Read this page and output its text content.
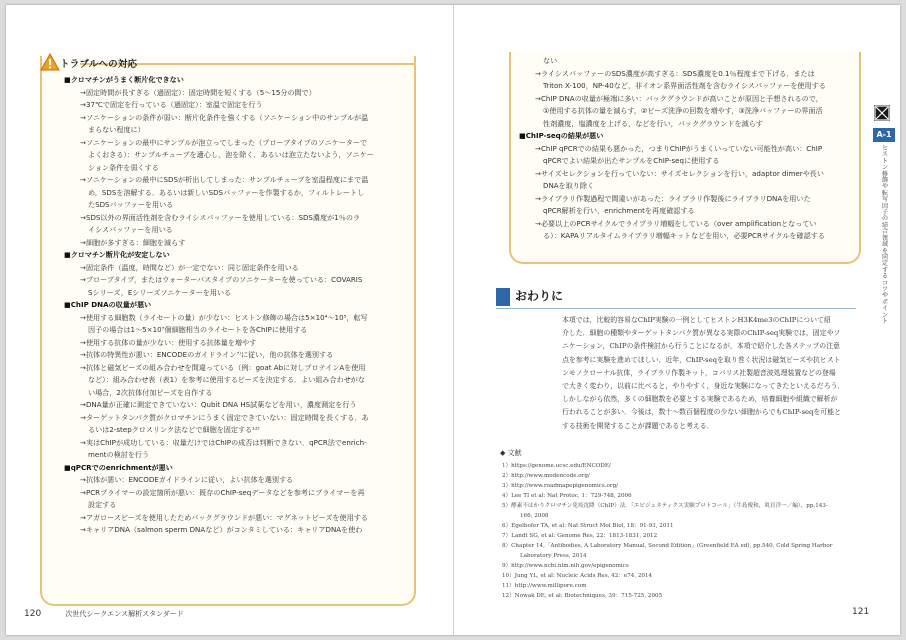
トラブルへの対応
■クロマチンがうまく断片化できない
→固定時間が長すぎる（過固定）：固定時間を短くする（5〜15分の間で）
→37℃で固定を行っている（過固定）：室温で固定を行う
→ソニケーションの条件が弱い：断片化条件を強くする（ソニケーション中のサンプルが温
まらない程度に）
→ソニケーションの最中にサンプルが泡立ってしまった（プローブタイプのソニケーターで
よくおきる）：サンプルチューブを適心し，泡を除く．あるいは泡立たないよう，ソニケー
ション条件を弱くする
→ソニケーションの最中にSDSが析出してしまった：サンプルチューブを室温程度にまで温
め，SDSを溶解する．あるいは新しいSDSバッファーを作製するか，フィルトレートし
たSDSバッファーを用いる
→SDS以外の界面活性剤を含むライシスバッファーを使用している：SDS濃度が1％のラ
イシスバッファーを用いる
→細胞が多すぎる：細胞を減らす
■クロマチン断片化が安定しない
→固定条件（温度，時間など）が一定でない：同じ固定条件を用いる
→プローブタイプ，またはウォーターバスタイプのソニケーターを使っている：COVARIS
Sシリーズ，Eシリーズソニケーターを用いる
■ChIP DNAの収量が悪い
→使用する細胞数（ライセートの量）が少ない：ヒストン修飾の場合は5×10⁴〜10⁵，転写
因子の場合は1〜5×10⁷個細胞相当のライセートを各ChIPに使用する
→使用する抗体の量が少ない：使用する抗体量を増やす
→抗体の特異性が悪い：ENCODEのガイドライン⁷⁾に従い，他の抗体を選別する
→抗体と磁気ビーズの組み合わせを間違っている（例：goat Abに対しプロテインAを使用
など）：組み合わせ表（表1）を参考に使用するビーズを決定する．よい組み合わせがな
い場合，2次抗体付加ビーズを自作する
→DNA量が正確に測定できていない：Qubit DNA HS試薬などを用い，濃度測定を行う
→ターゲットタンパク質がクロマチンにうまく固定できていない：固定時間を長くする．あ
るいは2-stepクロスリンク法などで細胞を固定する¹²⁾
→実はChIPが成功している：収量だけではChIPの成否は判断できない．qPCR法でenrich-
mentの検討を行う
■qPCRでのenrichmentが悪い
→抗体が悪い：ENCODEガイドラインに従い，よい抗体を選別する
→PCRプライマーの設定箇所が悪い：既存のChIP-seqデータなどを参考にプライマーを再
設定する
→アガロースビーズを使用したためバックグラウンドが悪い：マグネットビーズを使用する
→キャリアDNA（salmon sperm DNAなど）がコンタミしている：キャリアDNAを使わ
ない
→ライシスバッファーのSDS濃度が高すぎる：SDS濃度を0.1％程度まで下げる．または
Triton X-100，NP-40など，非イオン系界面活性剤を含むライシスバッファーを使用する
→ChIP DNAの収量が極端に多い：バックグラウンドが高いことが原因と予想されるので，
①使用する抗体の量を減らす，②ビーズ洗浄の回数を増やす，③洗浄バッファーの界面活
性剤濃度，塩濃度を上げる，などを行い，バックグラウンドを減らす
■ChIP-seqの結果が悪い
→ChIP qPCRでの結果も悪かった，つまりChIPがうまくいっていない可能性が高い：ChIP
qPCRでよい結果が出たサンプルをChIP-seqに使用する
→サイズセレクションを行っていない：サイズセレクションを行い，adaptor dimerや長い
DNAを取り除く
→ライブラリ作製過程で間違いがあった：ライブラリ作製後にライブラリDNAを用いた
qPCR解析を行い，enrichmentを再度確認する
→必要以上のPCRサイクルでライブラリ増幅をしている（over amplificationとなってい
る）：KAPAリアルタイムライブラリ増幅キットなどを用い，必要PCRサイクルを確認する
おわりに
本項では，比較的容易なChIP実験の一例としてヒストンH3K4me3のChIPについて紹
介した．細胞の種類やターゲットタンパク質が異なる実際のChIP-seq実験では，固定やソ
ニケーション，ChIPの条件検討から行うことになるが，本項で紹介した各ステップの注意
点を参考に実験を進めてほしい．近年，ChIP-seqを取り巻く状況は磁気ビーズや抗ヒスト
ンモノクローナル抗体，ライブラリ作製キット，コバリス社製超音波処理装置などの登場
で大きく変わり，以前に比べると，やりやすく，身近な実験になってきたといえるだろう．
しかしながら依然，多くの細胞数を必要とする実験であるため，培養細胞や組織で解析が
行われることが多い．今後は，数十〜数百個程度の少ない細胞からでもChIP-seqを可能と
する技術を開発することが課題であると考える．
◆ 文献
1）https://genome.ucsc.edu/ENCODE/
2）http://www.modencode.org/
3）http://www.roadmapepigenomics.org/
4）Lee TI et al: Nat Protoc, 1：729-748, 2006
5）酵素不はかりクロマチン免疫沈降（ChIP）法．「エピジェネティクス実験プロトコール」（牛島俊和，眞貝洋一／編），pp.143-
166, 2008
6）Egelhofer TA, et al: Nat Struct Mol Biol, 18：91-93, 2011
7）Landt SG, et al: Genome Res, 22：1813-1831, 2012
8）Chapter 14,「Antibodies, A Laboratory Manual, Second Edition」(Greenfield EA ed), pp.540, Cold Spring Harbor
Laboratory Press, 2014
9）http://www.ncbi.nlm.nih.gov/epigenomics
10）Jung YL, et al: Nucleic Acids Res, 42：e74, 2014
11）http://www.millipore.com
12）Nowak DE, et al: Biotechniques, 39：715-725, 2005
A-1
ヒストン修飾や転写因子の結合領域を同定するコツやポイント
120	次世代シークエンス解析スタンダード	121
